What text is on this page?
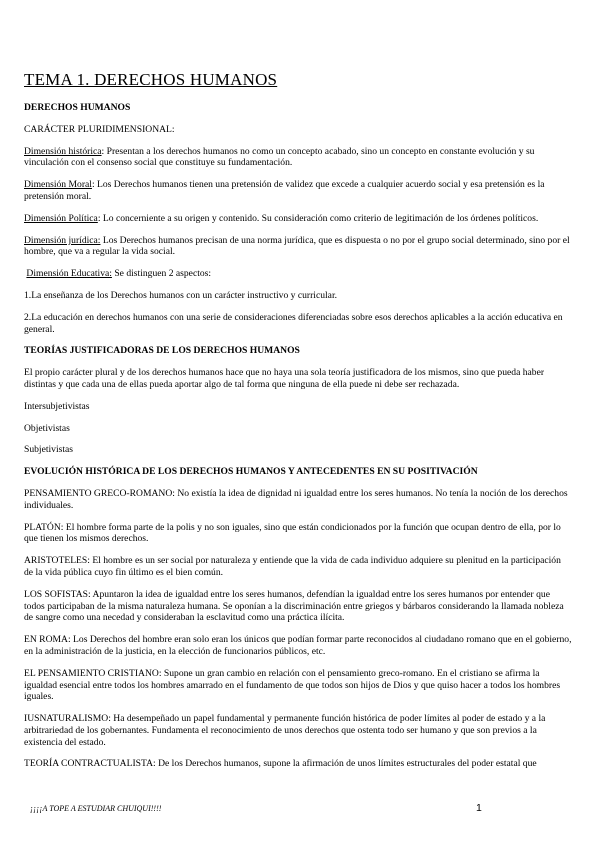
TEMA 1. DERECHOS HUMANOS
DERECHOS HUMANOS
CARÁCTER PLURIDIMENSIONAL:
Dimensión histórica: Presentan a los derechos humanos no como un concepto acabado, sino un concepto en constante evolución y su vinculación con el consenso social que constituye su fundamentación.
Dimensión Moral: Los Derechos humanos tienen una pretensión de validez que excede a cualquier acuerdo social y esa pretensión es la pretensión moral.
Dimensión Política: Lo concerniente a su origen y contenido. Su consideración como criterio de legitimación de los órdenes políticos.
Dimensión jurídica: Los Derechos humanos precisan de una norma jurídica, que es dispuesta o no por el grupo social determinado, sino por el hombre, que va a regular la vida social.
Dimensión Educativa: Se distinguen 2 aspectos:
1.La enseñanza de los Derechos humanos con un carácter instructivo y curricular.
2.La educación en derechos humanos con una serie de consideraciones diferenciadas sobre esos derechos aplicables a la acción educativa en general.
TEORÍAS JUSTIFICADORAS DE LOS DERECHOS HUMANOS
El propio carácter plural y de los derechos humanos hace que no haya una sola teoría justificadora de los mismos, sino que pueda haber distintas y que cada una de ellas pueda aportar algo de tal forma que ninguna de ella puede ni debe ser rechazada.
Intersubjetivistas
Objetivistas
Subjetivistas
EVOLUCIÓN HISTÓRICA DE LOS DERECHOS HUMANOS Y ANTECEDENTES EN SU POSITIVACIÓN
PENSAMIENTO GRECO-ROMANO: No existía la idea de dignidad ni igualdad entre los seres humanos. No tenía la noción de los derechos individuales.
PLATÓN: El hombre forma parte de la polis y no son iguales, sino que están condicionados por la función que ocupan dentro de ella, por lo que tienen los mismos derechos.
ARISTOTELES: El hombre es un ser social por naturaleza y entiende que la vida de cada individuo adquiere su plenitud en la participación de la vida pública cuyo fin último es el bien común.
LOS SOFISTAS: Apuntaron la idea de igualdad entre los seres humanos, defendían la igualdad entre los seres humanos por entender que todos participaban de la misma naturaleza humana. Se oponían a la discriminación entre griegos y bárbaros considerando la llamada nobleza de sangre como una necedad y consideraban la esclavitud como una práctica ilícita.
EN ROMA: Los Derechos del hombre eran solo eran los únicos que podían formar parte reconocidos al ciudadano romano que en el gobierno, en la administración de la justicia, en la elección de funcionarios públicos, etc.
EL PENSAMIENTO CRISTIANO: Supone un gran cambio en relación con el pensamiento greco-romano. En el cristiano se afirma la igualdad esencial entre todos los hombres amarrado en el fundamento de que todos son hijos de Dios y que quiso hacer a todos los hombres iguales.
IUSNATURALISMO: Ha desempeñado un papel fundamental y permanente función histórica de poder límites al poder de estado y a la arbitrariedad de los gobernantes. Fundamenta el reconocimiento de unos derechos que ostenta todo ser humano y que son previos a la existencia del estado.
TEORÍA CONTRACTUALISTA: De los Derechos humanos, supone la afirmación de unos límites estructurales del poder estatal que
¡¡¡¡A TOPE A ESTUDIAR CHUIQUI!!!!	1
